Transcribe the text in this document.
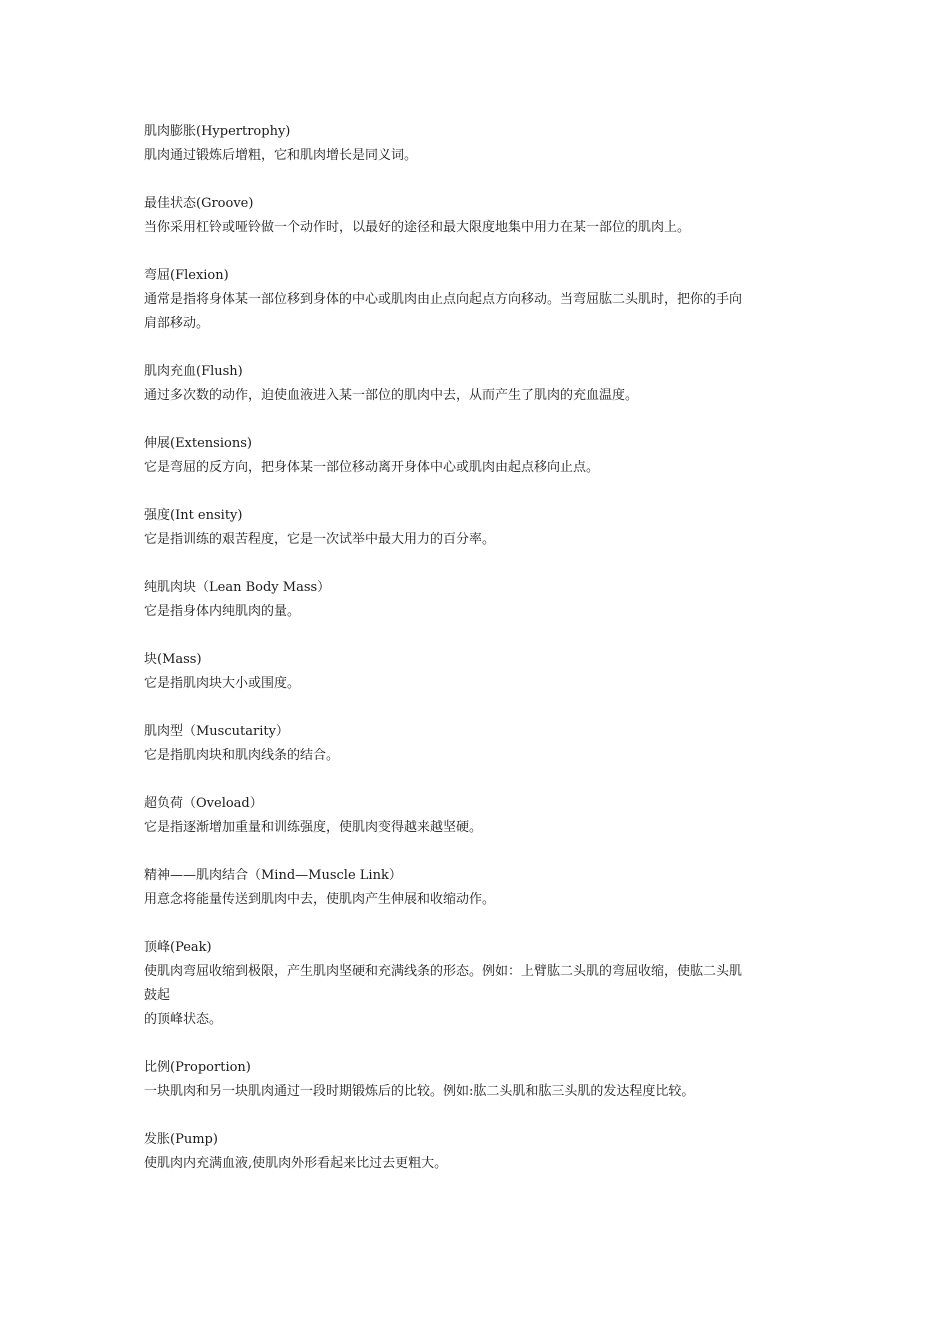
肌肉膨胀(Hypertrophy)

肌肉通过锻炼后增粗，它和肌肉增长是同义词。

最佳状态(Groove)

当你采用杠铃或哑铃做一个动作时，以最好的途径和最大限度地集中用力在某一部位的肌肉上。

弯屈(Flexion)

通常是指将身体某一部位移到身体的中心或肌肉由止点向起点方向移动。当弯屈肱二头肌时，把你的手向

肩部移动。

肌肉充血(Flush)

通过多次数的动作，迫使血液进入某一部位的肌肉中去，从而产生了肌肉的充血温度。

伸展(Extensions)

它是弯屈的反方向，把身体某一部位移动离开身体中心或肌肉由起点移向止点。

强度(Int ensity)

它是指训练的艰苦程度，它是一次试举中最大用力的百分率。

纯肌肉块（Lean Body Mass）

它是指身体内纯肌肉的量。

块(Mass)

它是指肌肉块大小或围度。

肌肉型（Muscutarity）

它是指肌肉块和肌肉线条的结合。

超负荷（Oveload）

它是指逐渐增加重量和训练强度，使肌肉变得越来越坚硬。

精神——肌肉结合（Mind—Muscle Link）

用意念将能量传送到肌肉中去，使肌肉产生伸展和收缩动作。

顶峰(Peak)

使肌肉弯屈收缩到极限，产生肌肉坚硬和充满线条的形态。例如：上臂肱二头肌的弯屈收缩，使肱二头肌

鼓起

的顶峰状态。

比例(Proportion)

一块肌肉和另一块肌肉通过一段时期锻炼后的比较。例如:肱二头肌和肱三头肌的发达程度比较。

发胀(Pump)

使肌肉内充满血液,使肌肉外形看起来比过去更粗大。
